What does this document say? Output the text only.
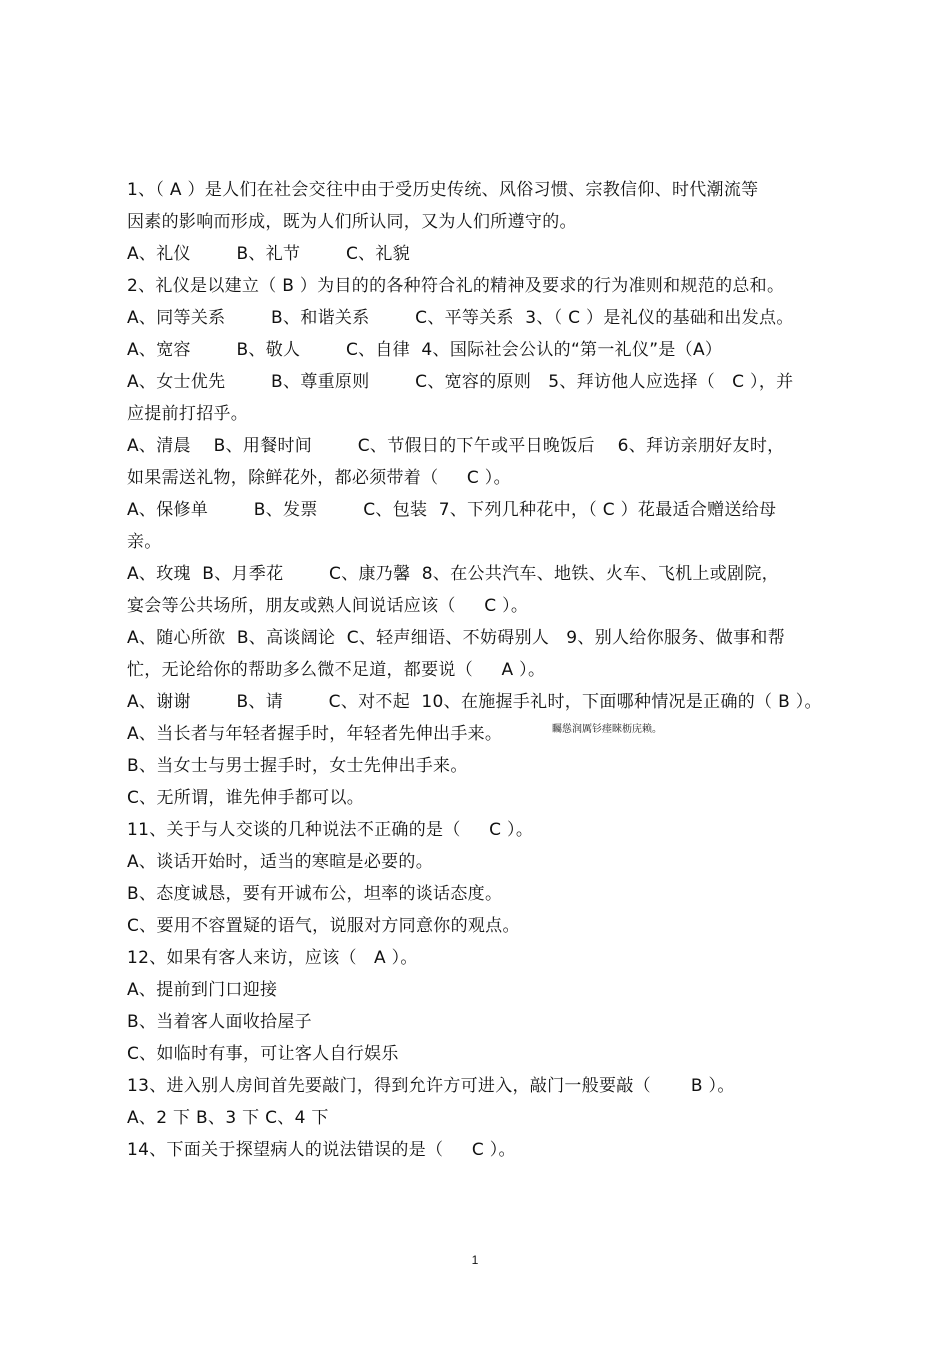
1、（ A ）是人们在社会交往中由于受历史传统、风俗习惯、宗教信仰、时代潮流等
因素的影响而形成，既为人们所认同，又为人们所遵守的。
A、礼仪        B、礼节        C、礼貌
2、礼仪是以建立（ B ）为目的的各种符合礼的精神及要求的行为准则和规范的总和。
A、同等关系        B、和谐关系        C、平等关系  3、（ C ）是礼仪的基础和出发点。
A、宽容        B、敬人        C、自律  4、国际社会公认的“第一礼仪”是（A）
A、女士优先        B、尊重原则        C、宽容的原则   5、拜访他人应选择（   C ），并
应提前打招乎。
A、清晨    B、用餐时间        C、节假日的下午或平日晚饭后    6、拜访亲朋好友时，
如果需送礼物，除鲜花外，都必须带着（     C ）。
A、保修单        B、发票        C、包装  7、下列几种花中，（ C ）花最适合赠送给母
亲。
A、玫瑰  B、月季花        C、康乃馨  8、在公共汽车、地铁、火车、飞机上或剧院，
宴会等公共场所，朋友或熟人间说话应该（     C ）。
A、随心所欲  B、高谈阔论  C、轻声细语、不妨碍别人   9、别人给你服务、做事和帮
忙，无论给你的帮助多么微不足道，都要说（     A ）。
A、谢谢        B、请        C、对不起  10、在施握手礼时，下面哪种情况是正确的（ B ）。
A、当长者与年轻者握手时，年轻者先伸出手来。
B、当女士与男士握手时，女士先伸出手来。
C、无所谓，谁先伸手都可以。
11、关于与人交谈的几种说法不正确的是（     C ）。
A、谈话开始时，适当的寒暄是必要的。
B、态度诚恳，要有开诚布公，坦率的谈话态度。
C、要用不容置疑的语气，说服对方同意你的观点。
12、如果有客人来访，应该（   A ）。
A、提前到门口迎接
B、当着客人面收拾屋子
C、如临时有事，可让客人自行娱乐
13、进入别人房间首先要敲门，得到允许方可进入，敲门一般要敲（       B ）。
A、2 下 B、3 下 C、4 下
14、下面关于探望病人的说法错误的是（     C ）。
矚慫润厲钐瘗睞枥庑赖。
1
